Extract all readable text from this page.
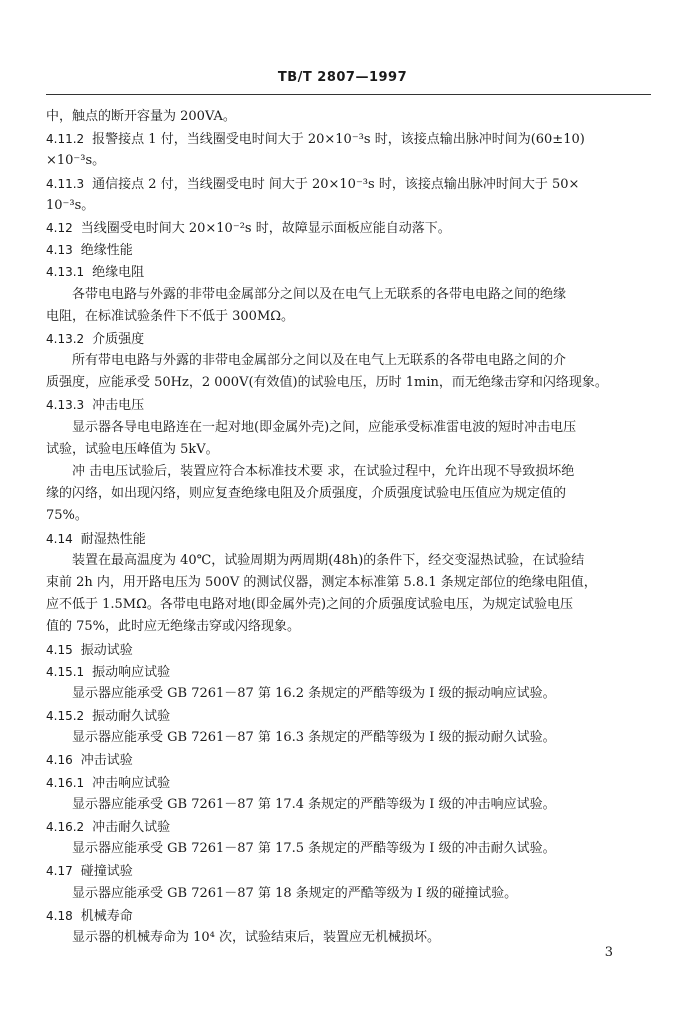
TB/T 2807—1997
中，触点的断开容量为 200VA。
4.11.2 报警接点 1 付，当线圈受电时间大于 20×10⁻³s 时，该接点输出脉冲时间为(60±10)
×10⁻³s。
4.11.3 通信接点 2 付，当线圈受电时 间大于 20×10⁻³s 时，该接点输出脉冲时间大于 50×
10⁻³s。
4.12 当线圈受电时间大 20×10⁻²s 时，故障显示面板应能自动落下。
4.13 绝缘性能
4.13.1 绝缘电阻
各带电电路与外露的非带电金属部分之间以及在电气上无联系的各带电电路之间的绝缘
电阻，在标准试验条件下不低于 300MΩ。
4.13.2 介质强度
所有带电电路与外露的非带电金属部分之间以及在电气上无联系的各带电电路之间的介
质强度，应能承受 50Hz，2 000V(有效值)的试验电压，历时 1min，而无绝缘击穿和闪络现象。
4.13.3 冲击电压
显示器各导电电路连在一起对地(即金属外壳)之间，应能承受标准雷电波的短时冲击电压
试验，试验电压峰值为 5kV。
冲 击电压试验后，装置应符合本标准技术要 求，在试验过程中，允许出现不导致损坏绝
缘的闪络，如出现闪络，则应复查绝缘电阻及介质强度，介质强度试验电压值应为规定值的
75%。
4.14 耐湿热性能
装置在最高温度为 40℃，试验周期为两周期(48h)的条件下，经交变湿热试验，在试验结
束前 2h 内，用开路电压为 500V 的测试仪器，测定本标准第 5.8.1 条规定部位的绝缘电阻值，
应不低于 1.5MΩ。各带电电路对地(即金属外壳)之间的介质强度试验电压，为规定试验电压
值的 75%，此时应无绝缘击穿或闪络现象。
4.15 振动试验
4.15.1 振动响应试验
显示器应能承受 GB 7261－87 第 16.2 条规定的严酷等级为 Ⅰ 级的振动响应试验。
4.15.2 振动耐久试验
显示器应能承受 GB 7261－87 第 16.3 条规定的严酷等级为 Ⅰ 级的振动耐久试验。
4.16 冲击试验
4.16.1 冲击响应试验
显示器应能承受 GB 7261－87 第 17.4 条规定的严酷等级为 Ⅰ 级的冲击响应试验。
4.16.2 冲击耐久试验
显示器应能承受 GB 7261－87 第 17.5 条规定的严酷等级为 Ⅰ 级的冲击耐久试验。
4.17 碰撞试验
显示器应能承受 GB 7261－87 第 18 条规定的严酷等级为 Ⅰ 级的碰撞试验。
4.18 机械寿命
显示器的机械寿命为 10⁴ 次，试验结束后，装置应无机械损坏。
3
